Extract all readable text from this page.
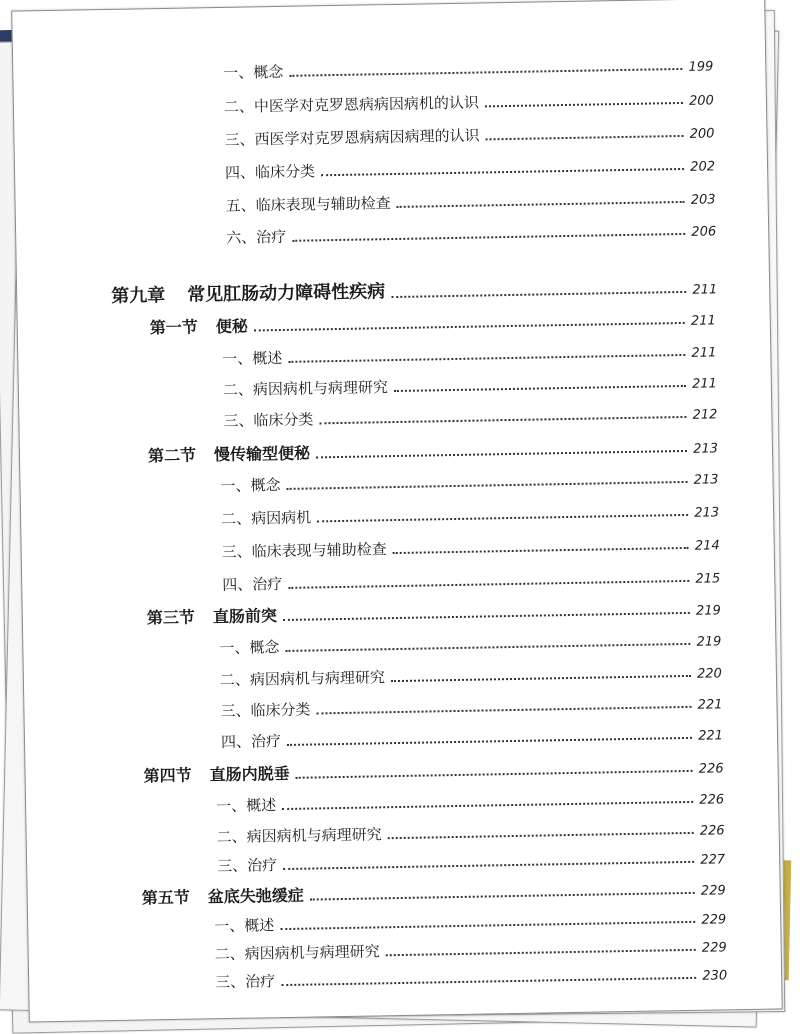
一、概念	199
二、中医学对克罗恩病病因病机的认识	200
三、西医学对克罗恩病病因病理的认识	200
四、临床分类	202
五、临床表现与辅助检查	203
六、治疗	206
第九章 常见肛肠动力障碍性疾病	211
第一节 便秘	211
一、概述	211
二、病因病机与病理研究	211
三、临床分类	212
第二节 慢传输型便秘	213
一、概念	213
二、病因病机	213
三、临床表现与辅助检查	214
四、治疗	215
第三节 直肠前突	219
一、概念	219
二、病因病机与病理研究	220
三、临床分类	221
四、治疗	221
第四节 直肠内脱垂	226
一、概述	226
二、病因病机与病理研究	226
三、治疗	227
第五节 盆底失弛缓症	229
一、概述	229
二、病因病机与病理研究	229
三、治疗	230
